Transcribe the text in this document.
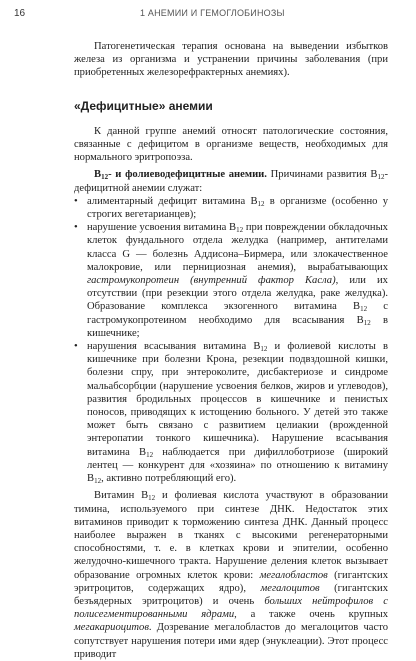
16	1 АНЕМИИ И ГЕМОГЛОБИНОЗЫ

Патогенетическая терапия основана на выведении избытков железа из организма и устранении причины заболевания (при приобретенных железорефрактерных анемиях).

«Дефицитные» анемии

К данной группе анемий относят патологические состояния, связанные с дефицитом в организме веществ, необходимых для нормального эритропоэза.

$B_{12}-$ и фолиеводефицитные анемии. Причинами развития $B_{12}$-дефицитной анемии служат:

• алиментарный дефицит витамина $B_{12}$ в организме (особенно у строгих вегетарианцев);
• нарушение усвоения витамина $B_{12}$ при повреждении обкладочных клеток фундального отдела желудка (например, антителами класса G — болезнь Аддисона–Бирмера, или злокачественное малокровие, или пернициозная анемия), вырабатывающих гастромукопротеин (внутренний фактор Касла), или их отсутствии (при резекции этого отдела желудка, раке желудка). Образование комплекса экзогенного витамина $B_{12}$ с гастромукопротеином необходимо для всасывания $B_{12}$ в кишечнике;
• нарушения всасывания витамина $B_{12}$ и фолиевой кислоты в кишечнике при болезни Крона, резекции подвздошной кишки, болезни спру, при энтероколите, дисбактериозе и синдроме мальабсорбции (нарушение усвоения белков, жиров и углеводов), развития бродильных процессов в кишечнике и пенистых поносов, приводящих к истощению больного. У детей это также может быть связано с развитием целиакии (врожденной энтеропатии тонкого кишечника). Нарушение всасывания витамина $B_{12}$ наблюдается при дифиллоботриозе (широкий лентец — конкурент для «хозяина» по отношению к витамину $B_{12}$, активно потребляющий его).

Витамин $B_{12}$ и фолиевая кислота участвуют в образовании тимина, используемого при синтезе ДНК. Недостаток этих витаминов приводит к торможению синтеза ДНК. Данный процесс наиболее выражен в тканях с высокими регенераторными способностями, т. е. в клетках крови и эпителии, особенно желудочно-кишечного тракта. Нарушение деления клеток вызывает образование огромных клеток крови: мегалобластов (гигантских эритроцитов, содержащих ядро), мегалоцитов (гигантских безъядерных эритроцитов) и очень больших нейтрофилов с полисегментированными ядрами, а также очень крупных мегакариоцитов. Дозревание мегалобластов до мегалоцитов часто сопутствует нарушения потери ими ядер (энуклеации). Этот процесс приводит
